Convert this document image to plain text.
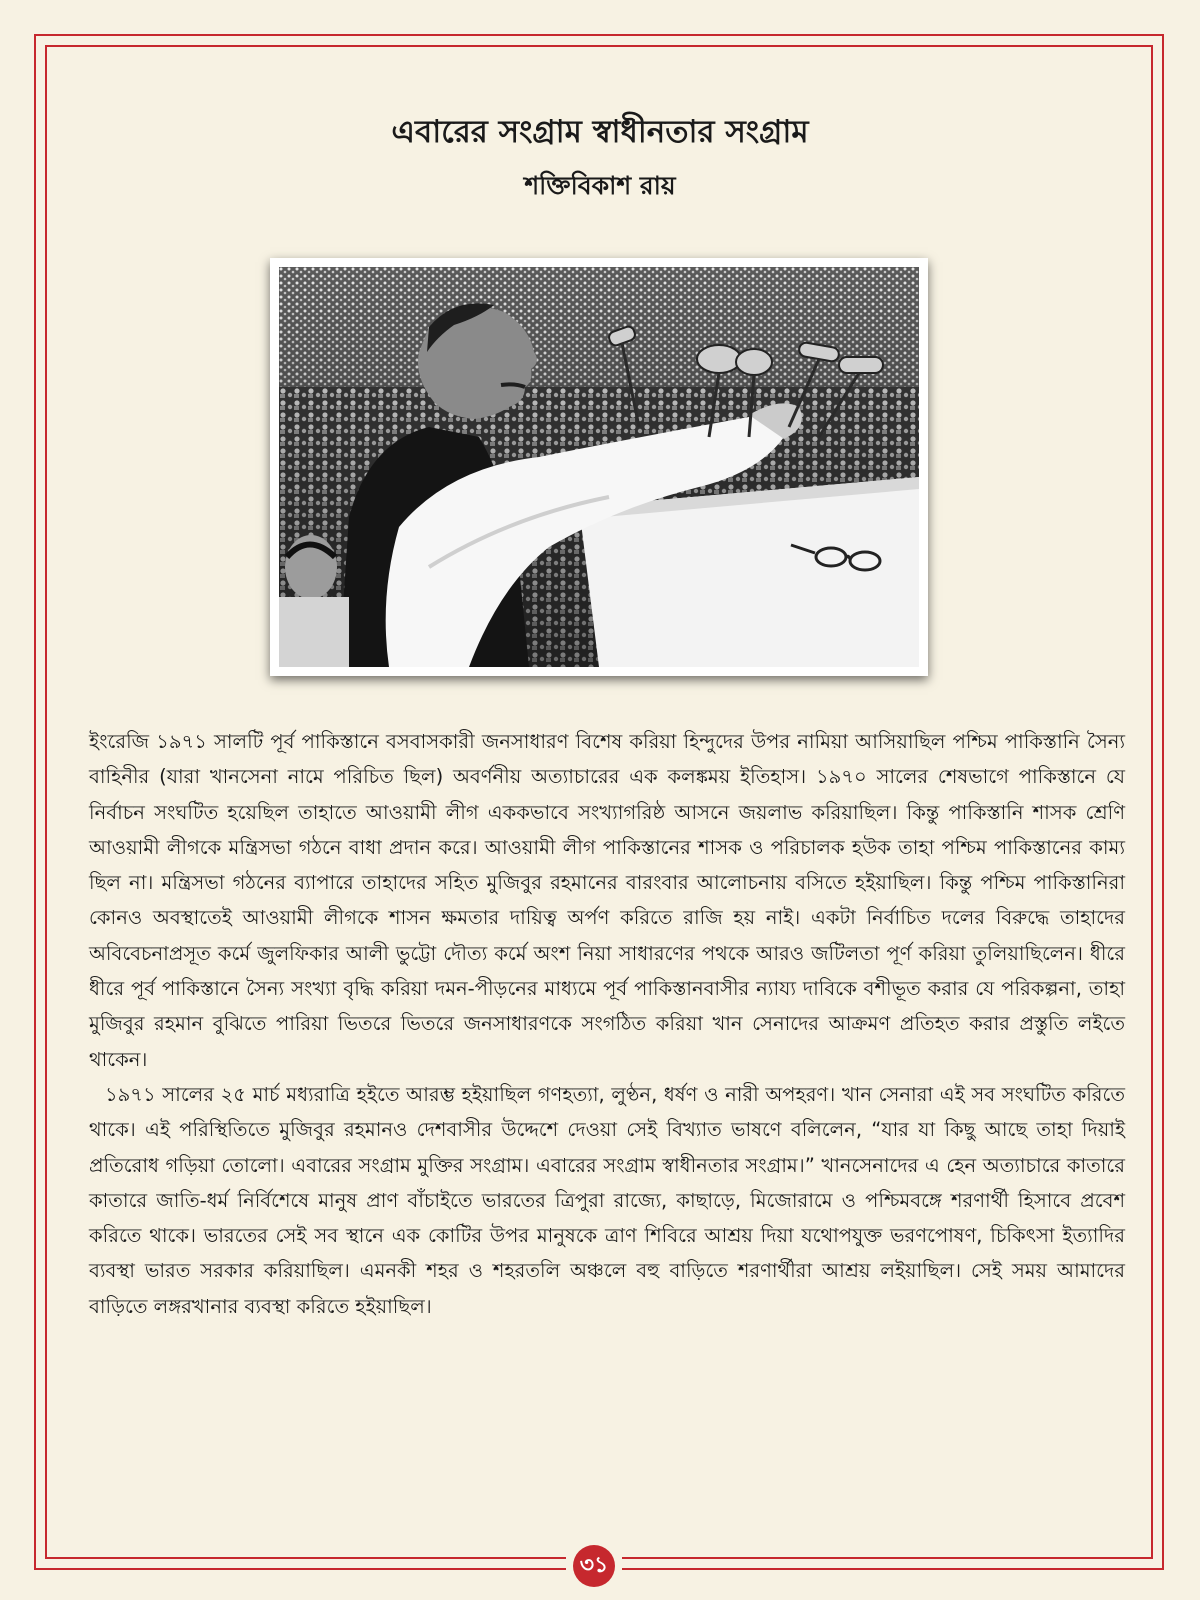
এবারের সংগ্রাম স্বাধীনতার সংগ্রাম
শক্তিবিকাশ রায়

ইংরেজি ১৯৭১ সালটি পূর্ব পাকিস্তানে বসবাসকারী জনসাধারণ বিশেষ করিয়া হিন্দুদের উপর নামিয়া আসিয়াছিল পশ্চিম পাকিস্তানি সৈন্য বাহিনীর (যারা খানসেনা নামে পরিচিত ছিল) অবর্ণনীয় অত্যাচারের এক কলঙ্কময় ইতিহাস। ১৯৭০ সালের শেষভাগে পাকিস্তানে যে নির্বাচন সংঘটিত হয়েছিল তাহাতে আওয়ামী লীগ এককভাবে সংখ্যাগরিষ্ঠ আসনে জয়লাভ করিয়াছিল। কিন্তু পাকিস্তানি শাসক শ্রেণি আওয়ামী লীগকে মন্ত্রিসভা গঠনে বাধা প্রদান করে। আওয়ামী লীগ পাকিস্তানের শাসক ও পরিচালক হউক তাহা পশ্চিম পাকিস্তানের কাম্য ছিল না। মন্ত্রিসভা গঠনের ব্যাপারে তাহাদের সহিত মুজিবুর রহমানের বারংবার আলোচনায় বসিতে হইয়াছিল। কিন্তু পশ্চিম পাকিস্তানিরা কোনও অবস্থাতেই আওয়ামী লীগকে শাসন ক্ষমতার দায়িত্ব অর্পণ করিতে রাজি হয় নাই। একটা নির্বাচিত দলের বিরুদ্ধে তাহাদের অবিবেচনাপ্রসূত কর্মে জুলফিকার আলী ভুট্টো দৌত্য কর্মে অংশ নিয়া সাধারণের পথকে আরও জটিলতা পূর্ণ করিয়া তুলিয়াছিলেন। ধীরে ধীরে পূর্ব পাকিস্তানে সৈন্য সংখ্যা বৃদ্ধি করিয়া দমন-পীড়নের মাধ্যমে পূর্ব পাকিস্তানবাসীর ন্যায্য দাবিকে বশীভূত করার যে পরিকল্পনা, তাহা মুজিবুর রহমান বুঝিতে পারিয়া ভিতরে ভিতরে জনসাধারণকে সংগঠিত করিয়া খান সেনাদের আক্রমণ প্রতিহত করার প্রস্তুতি লইতে থাকেন।

১৯৭১ সালের ২৫ মার্চ মধ্যরাত্রি হইতে আরম্ভ হইয়াছিল গণহত্যা, লুণ্ঠন, ধর্ষণ ও নারী অপহরণ। খান সেনারা এই সব সংঘটিত করিতে থাকে। এই পরিস্থিতিতে মুজিবুর রহমানও দেশবাসীর উদ্দেশে দেওয়া সেই বিখ্যাত ভাষণে বলিলেন, “যার যা কিছু আছে তাহা দিয়াই প্রতিরোধ গড়িয়া তোলো। এবারের সংগ্রাম মুক্তির সংগ্রাম। এবারের সংগ্রাম স্বাধীনতার সংগ্রাম।” খানসেনাদের এ হেন অত্যাচারে কাতারে কাতারে জাতি-ধর্ম নির্বিশেষে মানুষ প্রাণ বাঁচাইতে ভারতের ত্রিপুরা রাজ্যে, কাছাড়ে, মিজোরামে ও পশ্চিমবঙ্গে শরণার্থী হিসাবে প্রবেশ করিতে থাকে। ভারতের সেই সব স্থানে এক কোটির উপর মানুষকে ত্রাণ শিবিরে আশ্রয় দিয়া যথোপযুক্ত ভরণপোষণ, চিকিৎসা ইত্যাদির ব্যবস্থা ভারত সরকার করিয়াছিল। এমনকী শহর ও শহরতলি অঞ্চলে বহু বাড়িতে শরণার্থীরা আশ্রয় লইয়াছিল। সেই সময় আমাদের বাড়িতে লঙ্গরখানার ব্যবস্থা করিতে হইয়াছিল।

৩১
